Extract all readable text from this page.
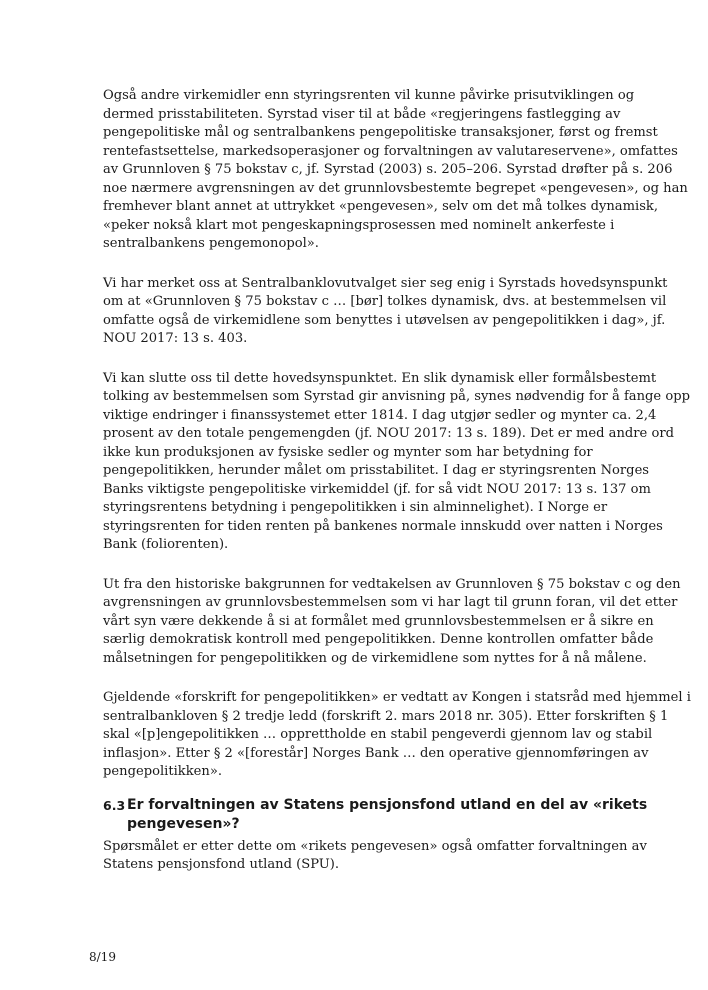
Også andre virkemidler enn styringsrenten vil kunne påvirke prisutviklingen og
dermed prisstabiliteten. Syrstad viser til at både «regjeringens fastlegging av
pengepolitiske mål og sentralbankens pengepolitiske transaksjoner, først og fremst
rentefastsettelse, markedsoperasjoner og forvaltningen av valutareservene», omfattes
av Grunnloven § 75 bokstav c, jf. Syrstad (2003) s. 205–206. Syrstad drøfter på s. 206
noe nærmere avgrensningen av det grunnlovsbestemte begrepet «pengevesen», og han
fremhever blant annet at uttrykket «pengevesen», selv om det må tolkes dynamisk,
«peker nokså klart mot pengeskapningsprosessen med nominelt ankerfeste i
sentralbankens pengemonopol».

Vi har merket oss at Sentralbanklovutvalget sier seg enig i Syrstads hovedsynspunkt
om at «Grunnloven § 75 bokstav c … [bør] tolkes dynamisk, dvs. at bestemmelsen vil
omfatte også de virkemidlene som benyttes i utøvelsen av pengepolitikken i dag», jf.
NOU 2017: 13 s. 403.

Vi kan slutte oss til dette hovedsynspunktet. En slik dynamisk eller formålsbestemt
tolking av bestemmelsen som Syrstad gir anvisning på, synes nødvendig for å fange opp
viktige endringer i finanssystemet etter 1814. I dag utgjør sedler og mynter ca. 2,4
prosent av den totale pengemengden (jf. NOU 2017: 13 s. 189). Det er med andre ord
ikke kun produksjonen av fysiske sedler og mynter som har betydning for
pengepolitikken, herunder målet om prisstabilitet. I dag er styringsrenten Norges
Banks viktigste pengepolitiske virkemiddel (jf. for så vidt NOU 2017: 13 s. 137 om
styringsrentens betydning i pengepolitikken i sin alminnelighet). I Norge er
styringsrenten for tiden renten på bankenes normale innskudd over natten i Norges
Bank (foliorenten).

Ut fra den historiske bakgrunnen for vedtakelsen av Grunnloven § 75 bokstav c og den
avgrensningen av grunnlovsbestemmelsen som vi har lagt til grunn foran, vil det etter
vårt syn være dekkende å si at formålet med grunnlovsbestemmelsen er å sikre en
særlig demokratisk kontroll med pengepolitikken. Denne kontrollen omfatter både
målsetningen for pengepolitikken og de virkemidlene som nyttes for å nå målene.

Gjeldende «forskrift for pengepolitikken» er vedtatt av Kongen i statsråd med hjemmel i
sentralbankloven § 2 tredje ledd (forskrift 2. mars 2018 nr. 305). Etter forskriften § 1
skal «[p]engepolitikken … opprettholde en stabil pengeverdi gjennom lav og stabil
inflasjon». Etter § 2 «[forestår] Norges Bank … den operative gjennomføringen av
pengepolitikken».

6.3 Er forvaltningen av Statens pensjonsfond utland en del av «rikets
pengevesen»?

Spørsmålet er etter dette om «rikets pengevesen» også omfatter forvaltningen av
Statens pensjonsfond utland (SPU).

8/19
